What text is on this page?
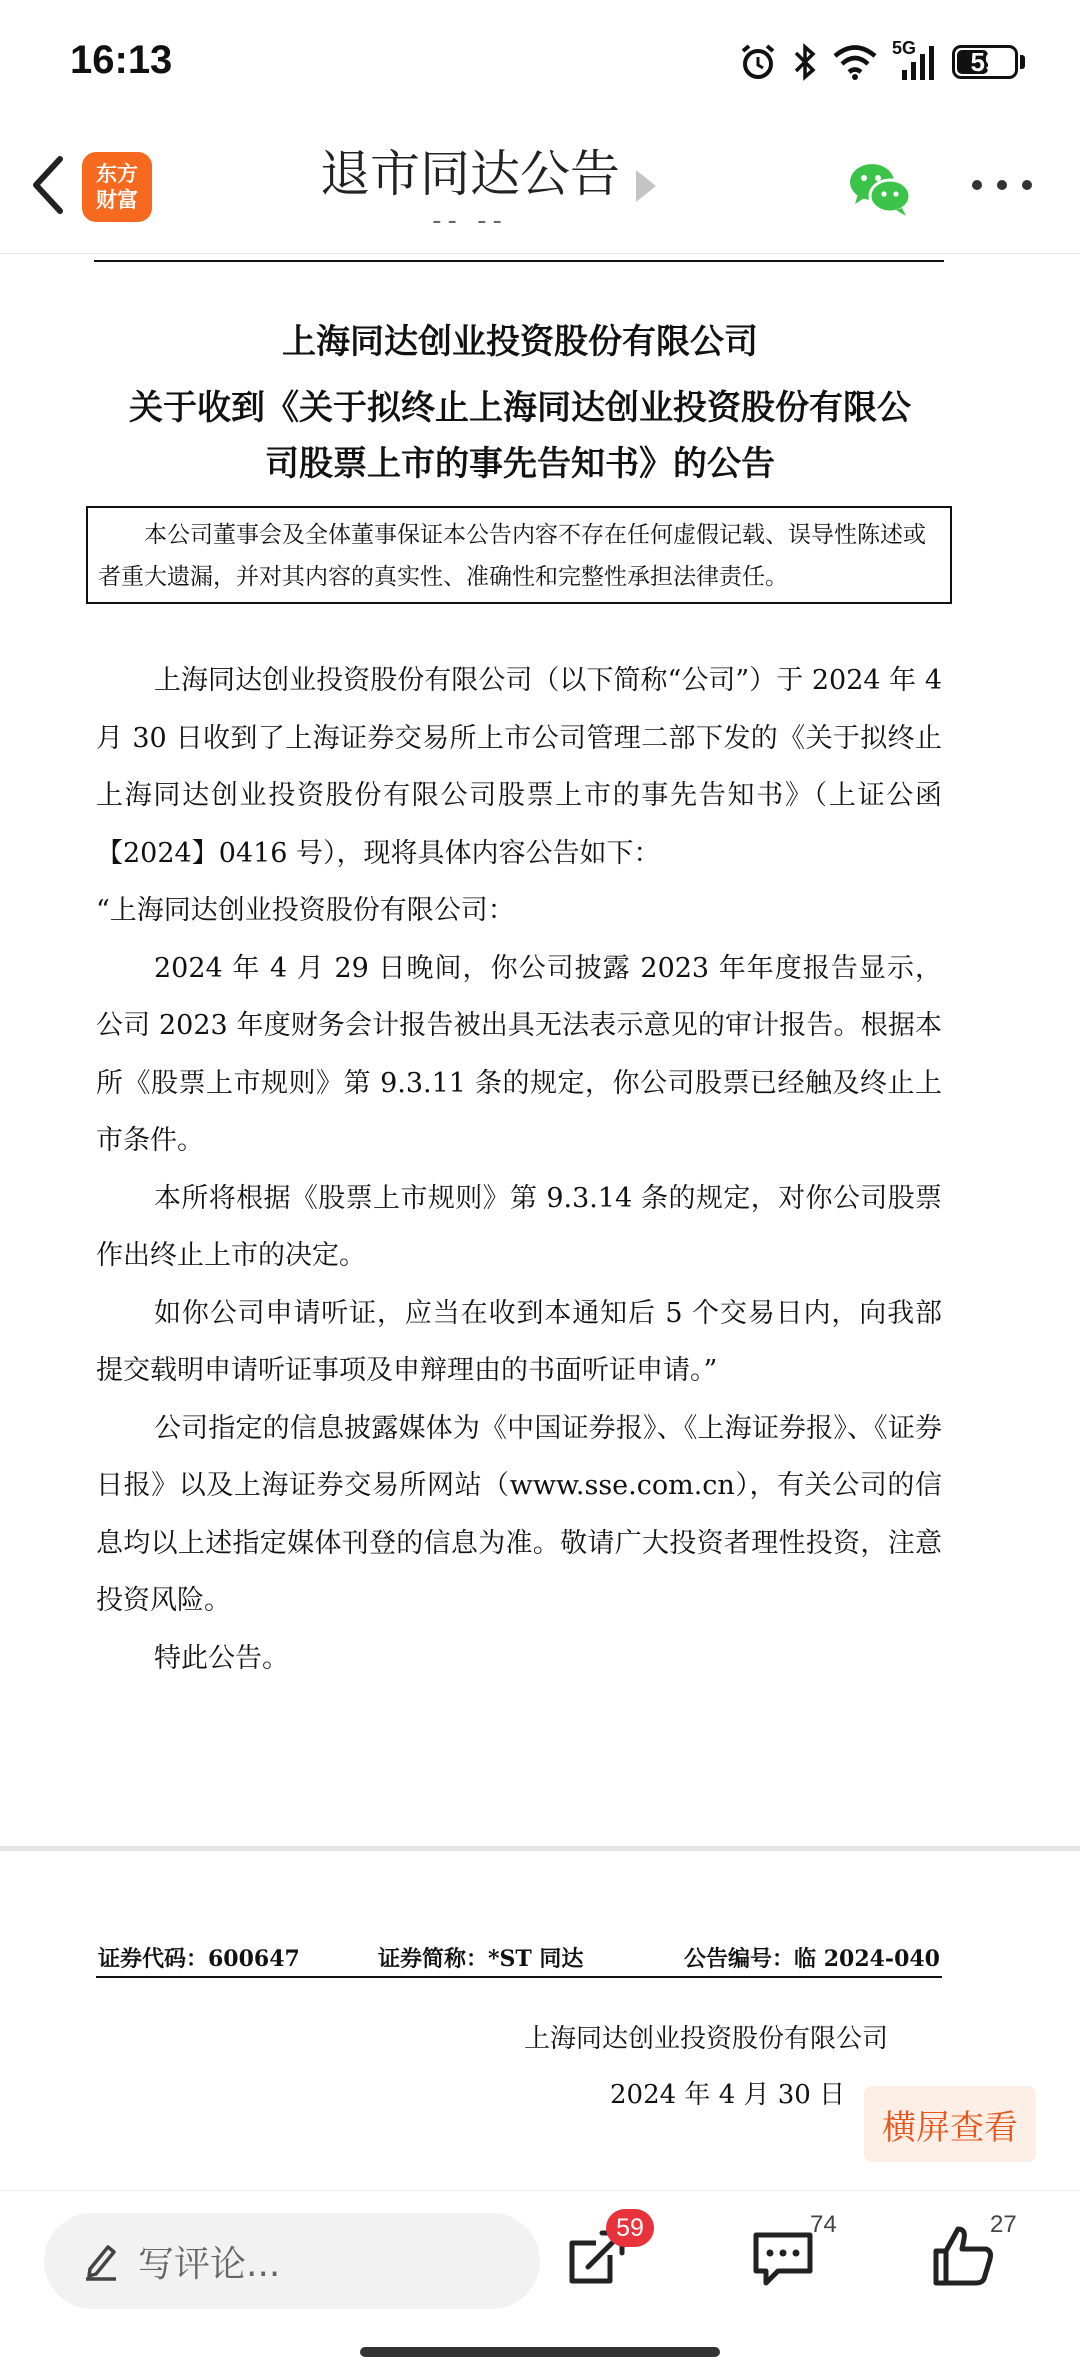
16:13	5G	59
东方
财富	退市同达公告
-- --
上海同达创业投资股份有限公司
关于收到《关于拟终止上海同达创业投资股份有限公
司股票上市的事先告知书》的公告
本公司董事会及全体董事保证本公告内容不存在任何虚假记载、误导性陈述或者重大遗漏，并对其内容的真实性、准确性和完整性承担法律责任。

上海同达创业投资股份有限公司（以下简称“公司”）于 2024 年 4 月 30 日收到了上海证券交易所上市公司管理二部下发的《关于拟终止上海同达创业投资股份有限公司股票上市的事先告知书》（上证公函【2024】0416 号），现将具体内容公告如下：

“上海同达创业投资股份有限公司：

2024 年 4 月 29 日晚间，你公司披露 2023 年年度报告显示，公司 2023 年度财务会计报告被出具无法表示意见的审计报告。根据本所《股票上市规则》第 9.3.11 条的规定，你公司股票已经触及终止上市条件。

本所将根据《股票上市规则》第 9.3.14 条的规定，对你公司股票作出终止上市的决定。

如你公司申请听证，应当在收到本通知后 5 个交易日内，向我部提交载明申请听证事项及申辩理由的书面听证申请。”

公司指定的信息披露媒体为《中国证券报》、《上海证券报》、《证券日报》以及上海证券交易所网站（www.sse.com.cn），有关公司的信息均以上述指定媒体刊登的信息为准。敬请广大投资者理性投资，注意投资风险。

特此公告。

证券代码：600647	证券简称：*ST 同达	公告编号：临 2024-040
上海同达创业投资股份有限公司
2024 年 4 月 30 日
横屏查看
写评论...
59	74	27
